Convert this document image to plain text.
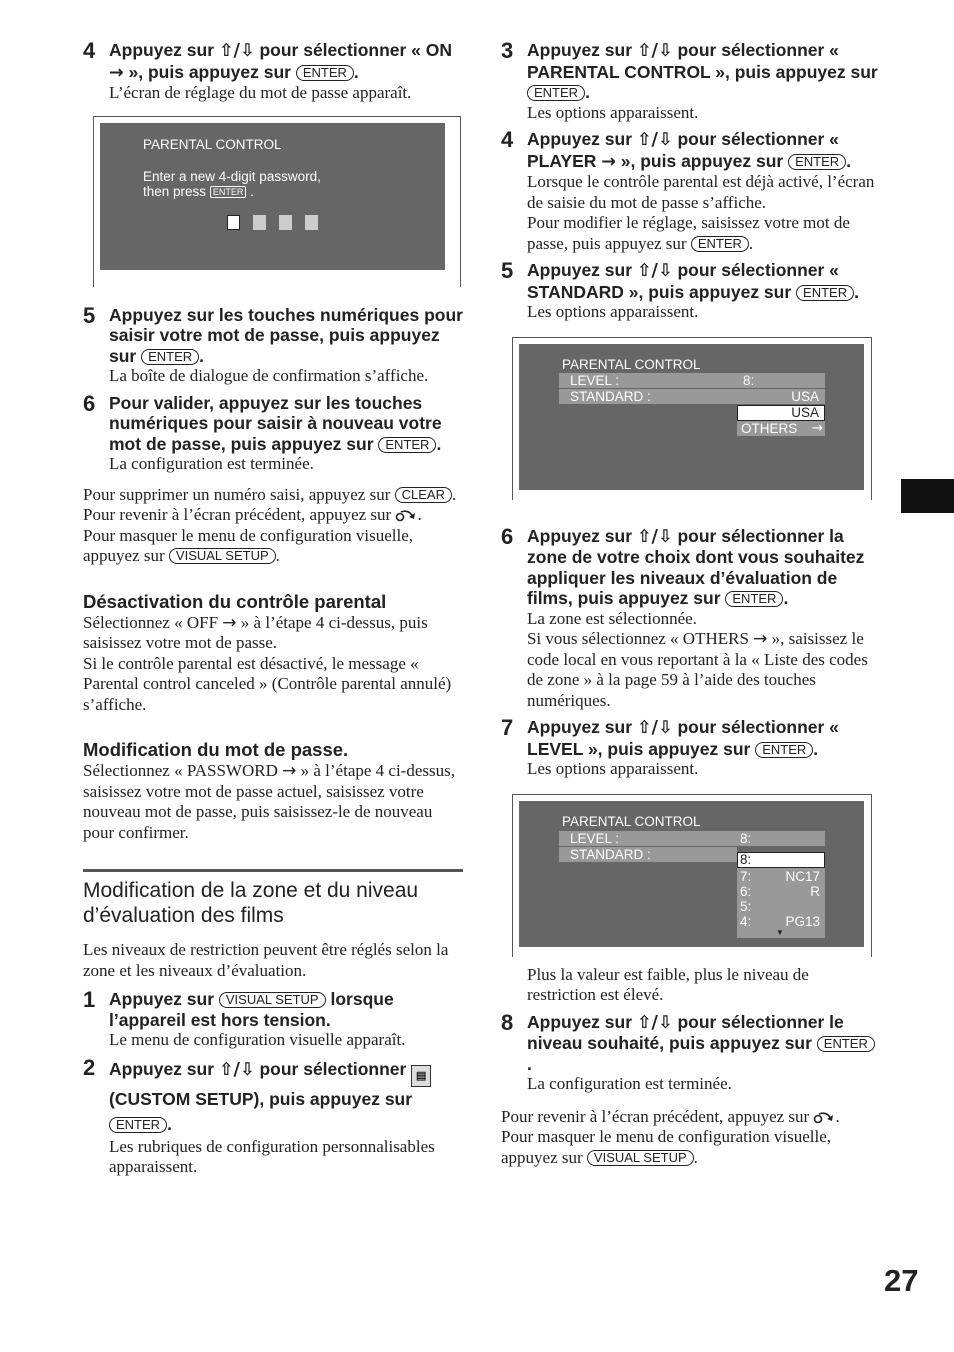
4 Appuyez sur ⇧/⇩ pour sélectionner « ON → », puis appuyez sur ENTER .
L’écran de réglage du mot de passe apparaît.
PARENTAL CONTROL
Enter a new 4-digit password,
then press ENTER .
5 Appuyez sur les touches numériques pour saisir votre mot de passe, puis appuyez sur ENTER .
La boîte de dialogue de confirmation s’affiche.
6 Pour valider, appuyez sur les touches numériques pour saisir à nouveau votre mot de passe, puis appuyez sur ENTER .
La configuration est terminée.
Pour supprimer un numéro saisi, appuyez sur CLEAR .
Pour revenir à l’écran précédent, appuyez sur .
Pour masquer le menu de configuration visuelle, appuyez sur VISUAL SETUP .
Désactivation du contrôle parental
Sélectionnez « OFF → » à l’étape 4 ci-dessus, puis saisissez votre mot de passe.
Si le contrôle parental est désactivé, le message « Parental control canceled » (Contrôle parental annulé) s’affiche.
Modification du mot de passe.
Sélectionnez « PASSWORD → » à l’étape 4 ci-dessus, saisissez votre mot de passe actuel, saisissez votre nouveau mot de passe, puis saisissez-le de nouveau pour confirmer.
Modification de la zone et du niveau d’évaluation des films
Les niveaux de restriction peuvent être réglés selon la zone et les niveaux d’évaluation.
1 Appuyez sur VISUAL SETUP lorsque l’appareil est hors tension.
Le menu de configuration visuelle apparaît.
2 Appuyez sur ⇧/⇩ pour sélectionner ▤(CUSTOM SETUP), puis appuyez sur ENTER .
Les rubriques de configuration personnalisables apparaissent.
3 Appuyez sur ⇧/⇩ pour sélectionner « PARENTAL CONTROL », puis appuyez sur ENTER .
Les options apparaissent.
4 Appuyez sur ⇧/⇩ pour sélectionner « PLAYER → », puis appuyez sur ENTER .
Lorsque le contrôle parental est déjà activé, l’écran de saisie du mot de passe s’affiche.
Pour modifier le réglage, saisissez votre mot de passe, puis appuyez sur ENTER .
5 Appuyez sur ⇧/⇩ pour sélectionner « STANDARD », puis appuyez sur ENTER .
Les options apparaissent.
PARENTAL CONTROL
LEVEL :	8:
STANDARD :	USA
USA
OTHERS →
6 Appuyez sur ⇧/⇩ pour sélectionner la zone de votre choix dont vous souhaitez appliquer les niveaux d’évaluation de films, puis appuyez sur ENTER .
La zone est sélectionnée.
Si vous sélectionnez « OTHERS → », saisissez le code local en vous reportant à la « Liste des codes de zone » à la page 59 à l’aide des touches numériques.
7 Appuyez sur ⇧/⇩ pour sélectionner « LEVEL », puis appuyez sur ENTER .
Les options apparaissent.
PARENTAL CONTROL
LEVEL :	8:
STANDARD :	8:
7:	NC17
6:	R
5:
4:	PG13
▼
Plus la valeur est faible, plus le niveau de restriction est élevé.
8 Appuyez sur ⇧/⇩ pour sélectionner le niveau souhaité, puis appuyez sur ENTER.
La configuration est terminée.
Pour revenir à l’écran précédent, appuyez sur .
Pour masquer le menu de configuration visuelle, appuyez sur VISUAL SETUP .
27
